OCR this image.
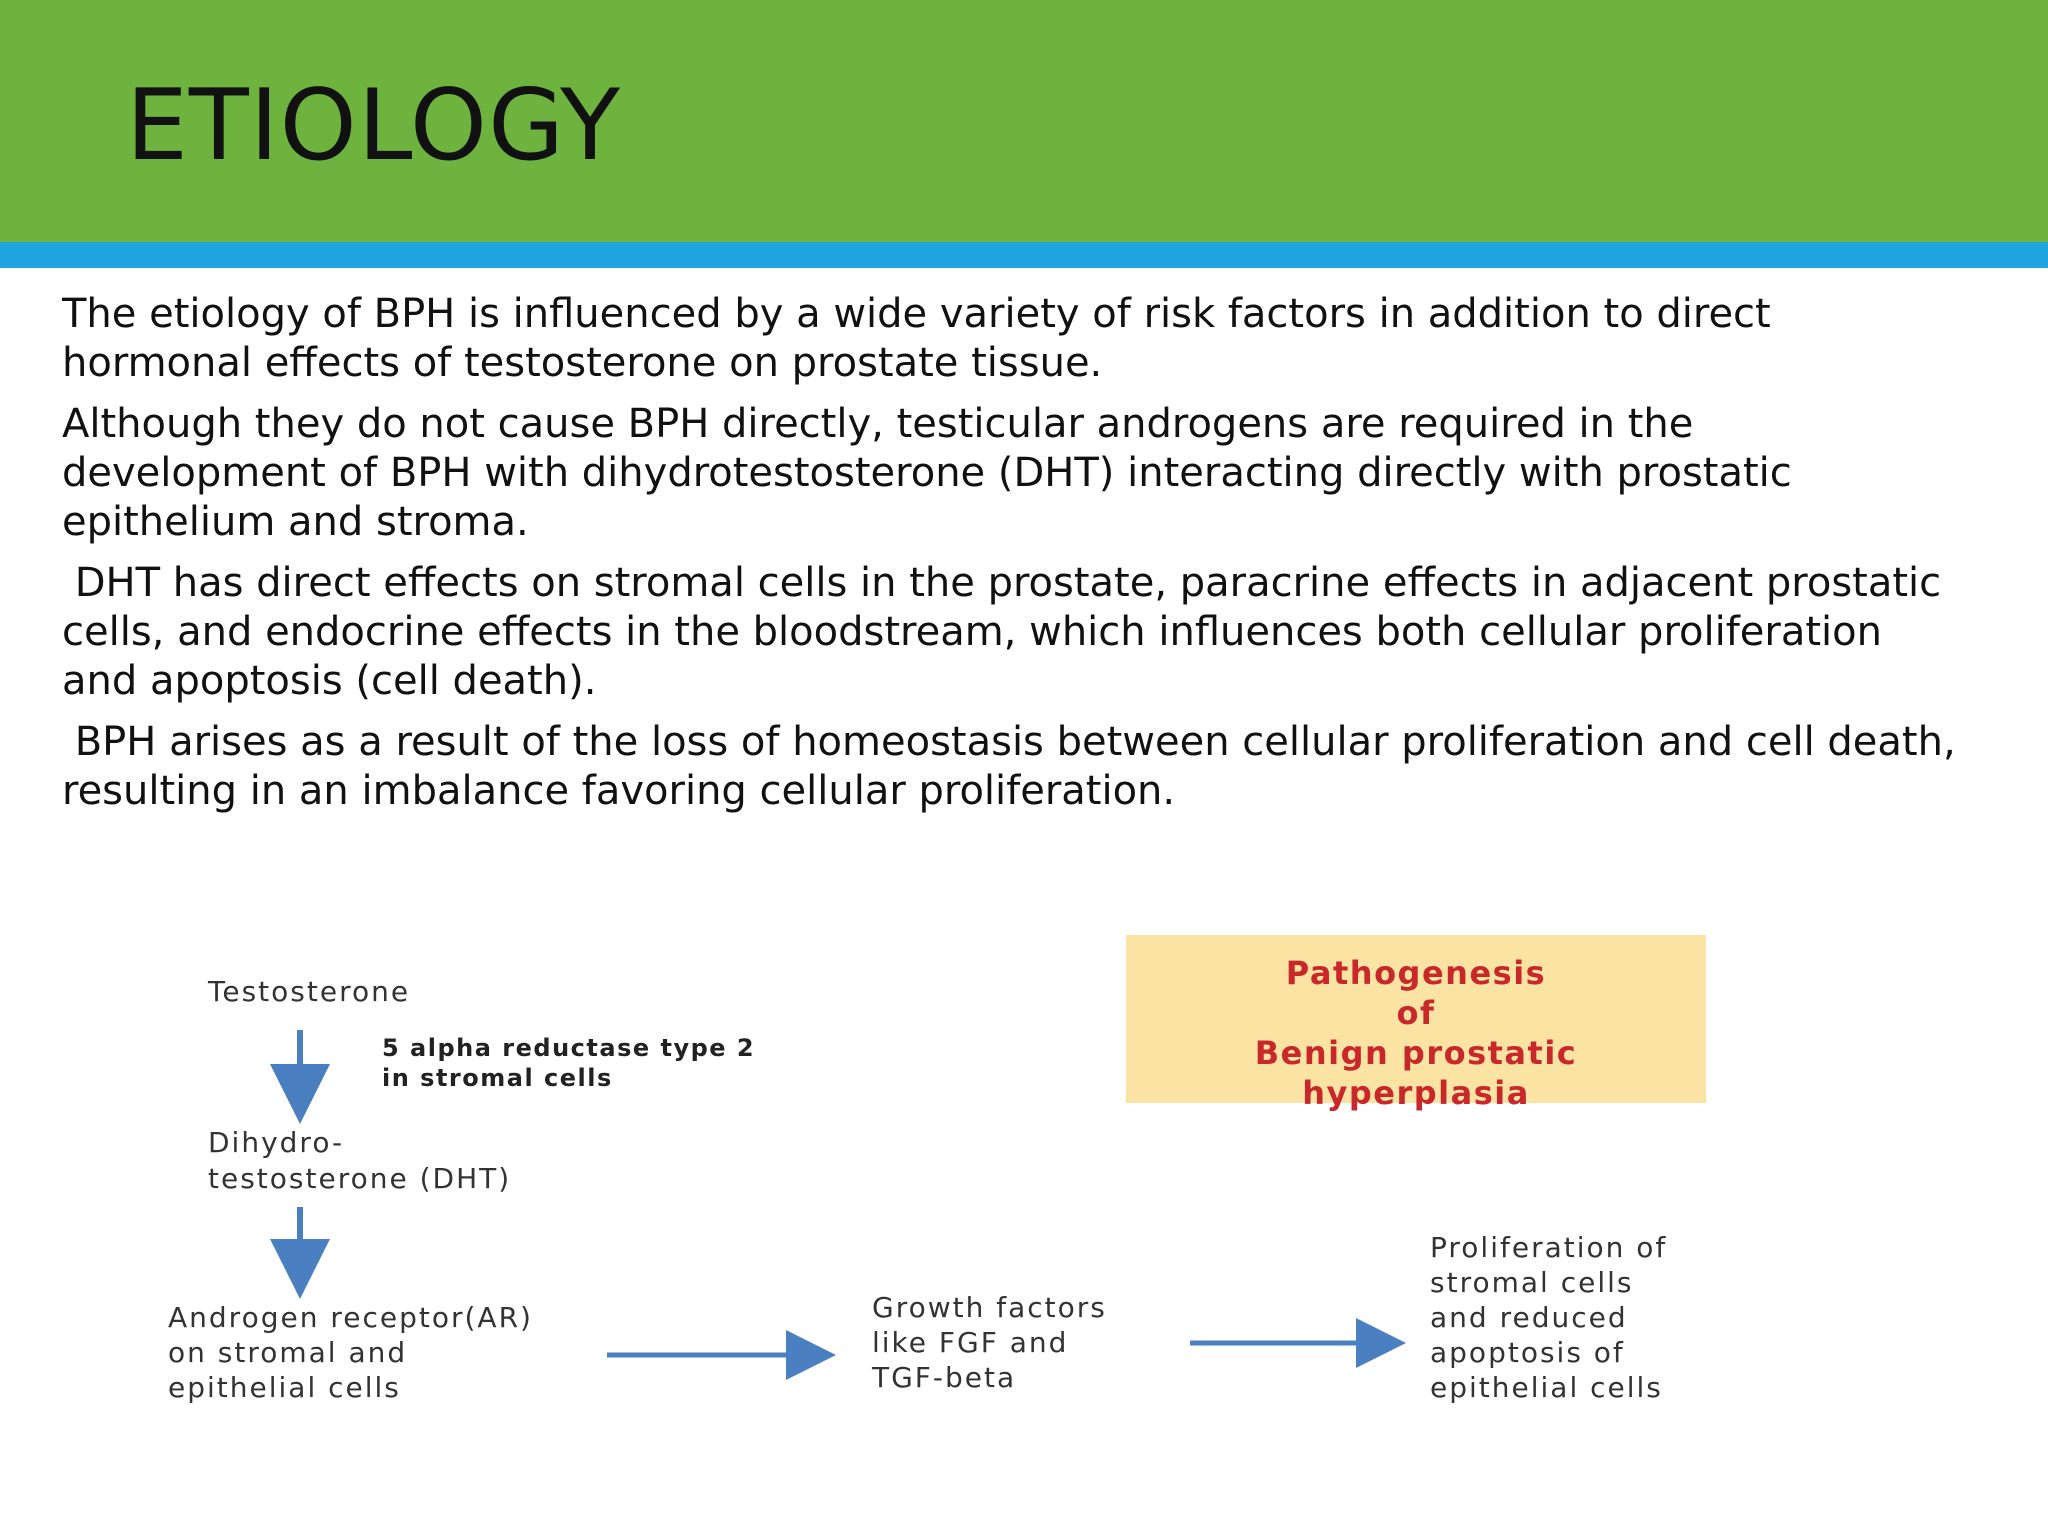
ETIOLOGY

The etiology of BPH is influenced by a wide variety of risk factors in addition to direct hormonal effects of testosterone on prostate tissue.

Although they do not cause BPH directly, testicular androgens are required in the development of BPH with dihydrotestosterone (DHT) interacting directly with prostatic epithelium and stroma.

DHT has direct effects on stromal cells in the prostate, paracrine effects in adjacent prostatic cells, and endocrine effects in the bloodstream, which influences both cellular proliferation and apoptosis (cell death).

BPH arises as a result of the loss of homeostasis between cellular proliferation and cell death, resulting in an imbalance favoring cellular proliferation.

Pathogenesis
of
Benign prostatic
hyperplasia
Testosterone
5 alpha reductase type 2
in stromal cells
Dihydro-
testosterone (DHT)
Androgen receptor(AR)
on stromal and
epithelial cells
Growth factors
like FGF and
TGF-beta
Proliferation of
stromal cells
and reduced
apoptosis of
epithelial cells
